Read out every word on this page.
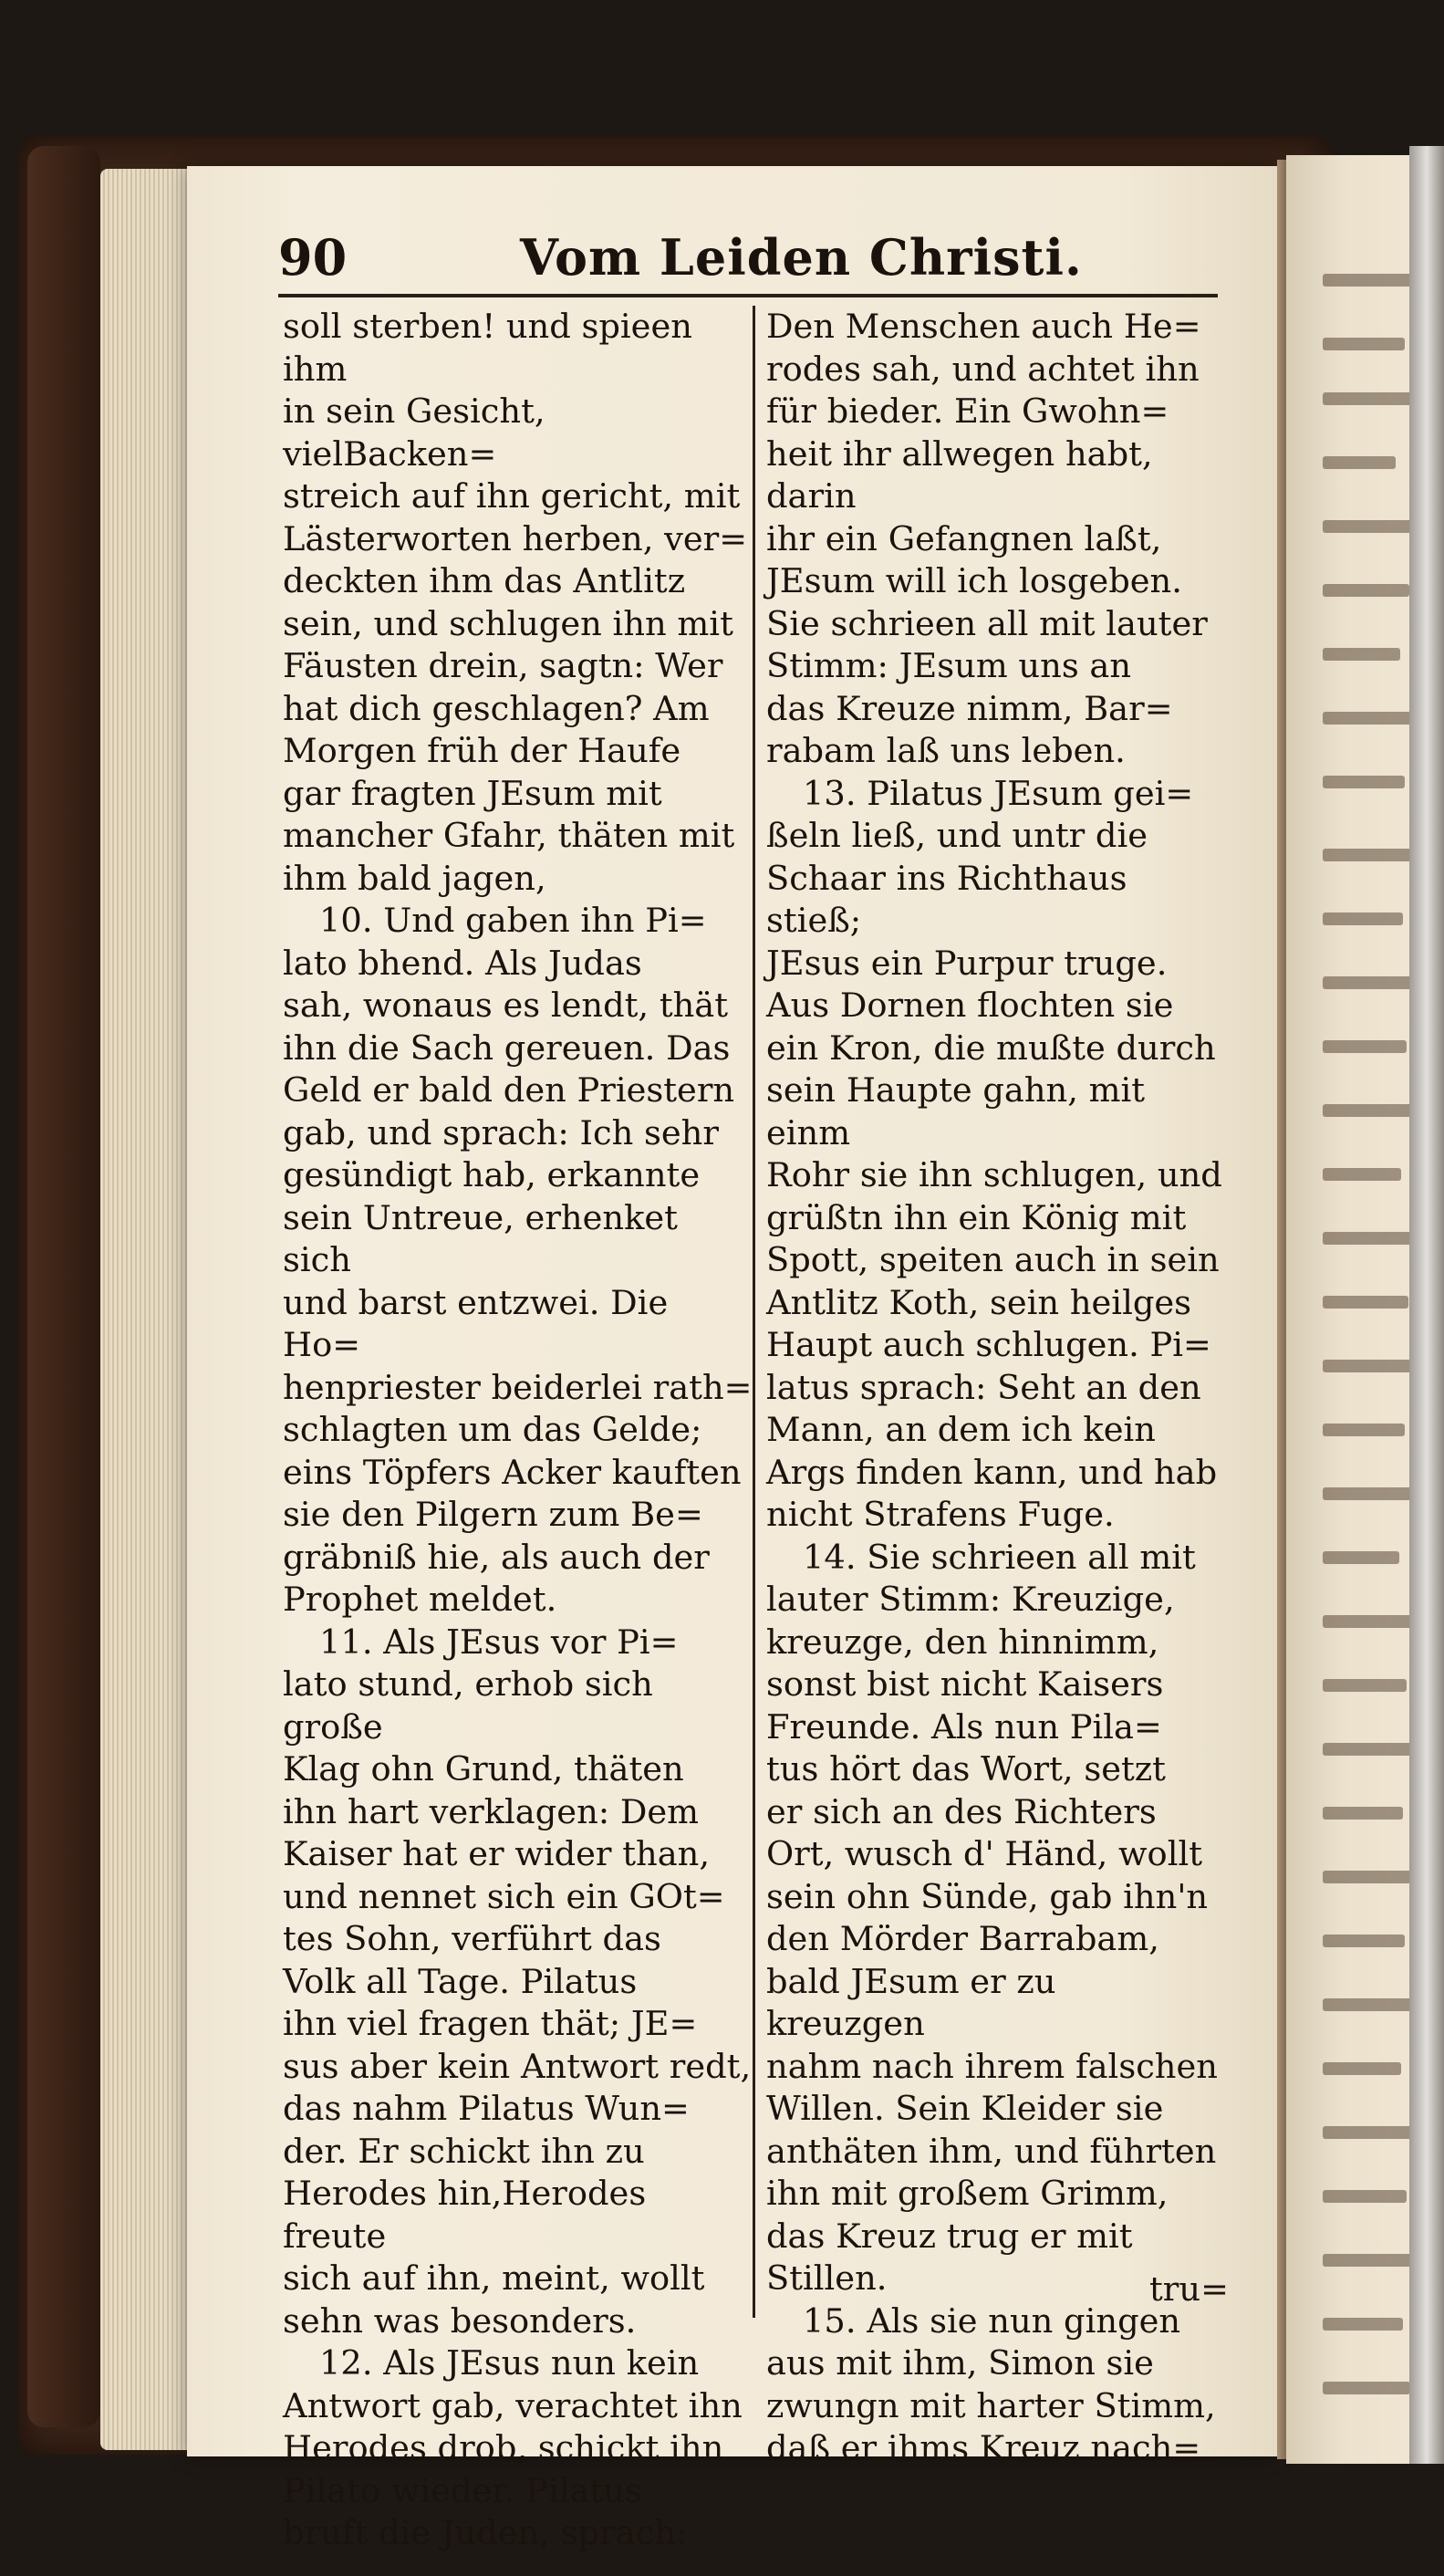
90	Vom Leiden Christi.

soll sterben! und spieen ihm
in sein Gesicht, vielBacken=
streich auf ihn gericht, mit
Lästerworten herben, ver=
deckten ihm das Antlitz
sein, und schlugen ihn mit
Fäusten drein, sagtn: Wer
hat dich geschlagen? Am
Morgen früh der Haufe
gar fragten JEsum mit
mancher Gfahr, thäten mit
ihm bald jagen,

10. Und gaben ihn Pi=
lato bhend. Als Judas
sah, wonaus es lendt, thät
ihn die Sach gereuen. Das
Geld er bald den Priestern
gab, und sprach: Ich sehr
gesündigt hab, erkannte
sein Untreue, erhenket sich
und barst entzwei. Die Ho=
henpriester beiderlei rath=
schlagten um das Gelde;
eins Töpfers Acker kauften
sie den Pilgern zum Be=
gräbniß hie, als auch der
Prophet meldet.

11. Als JEsus vor Pi=
lato stund, erhob sich große
Klag ohn Grund, thäten
ihn hart verklagen: Dem
Kaiser hat er wider than,
und nennet sich ein GOt=
tes Sohn, verführt das
Volk all Tage. Pilatus
ihn viel fragen thät; JE=
sus aber kein Antwort redt,
das nahm Pilatus Wun=
der. Er schickt ihn zu
Herodes hin,Herodes freute
sich auf ihn, meint, wollt
sehn was besonders.

12. Als JEsus nun kein
Antwort gab, verachtet ihn
Herodes drob, schickt ihn
Pilato wieder. Pilatus
bruft die Juden, sprach:

Den Menschen auch He=
rodes sah, und achtet ihn
für bieder. Ein Gwohn=
heit ihr allwegen habt, darin
ihr ein Gefangnen laßt,
JEsum will ich losgeben.
Sie schrieen all mit lauter
Stimm: JEsum uns an
das Kreuze nimm, Bar=
rabam laß uns leben.

13. Pilatus JEsum gei=
ßeln ließ, und untr die
Schaar ins Richthaus stieß;
JEsus ein Purpur truge.
Aus Dornen flochten sie
ein Kron, die mußte durch
sein Haupte gahn, mit einm
Rohr sie ihn schlugen, und
grüßtn ihn ein König mit
Spott, speiten auch in sein
Antlitz Koth, sein heilges
Haupt auch schlugen. Pi=
latus sprach: Seht an den
Mann, an dem ich kein
Args finden kann, und hab
nicht Strafens Fuge.

14. Sie schrieen all mit
lauter Stimm: Kreuzige,
kreuzge, den hinnimm,
sonst bist nicht Kaisers
Freunde. Als nun Pila=
tus hört das Wort, setzt
er sich an des Richters
Ort, wusch d' Händ, wollt
sein ohn Sünde, gab ihn'n
den Mörder Barrabam,
bald JEsum er zu kreuzgen
nahm nach ihrem falschen
Willen. Sein Kleider sie
anthäten ihm, und führten
ihn mit großem Grimm,
das Kreuz trug er mit
Stillen.

15. Als sie nun gingen
aus mit ihm, Simon sie
zwungn mit harter Stimm,
daß er ihms Kreuz nach=

tru=
